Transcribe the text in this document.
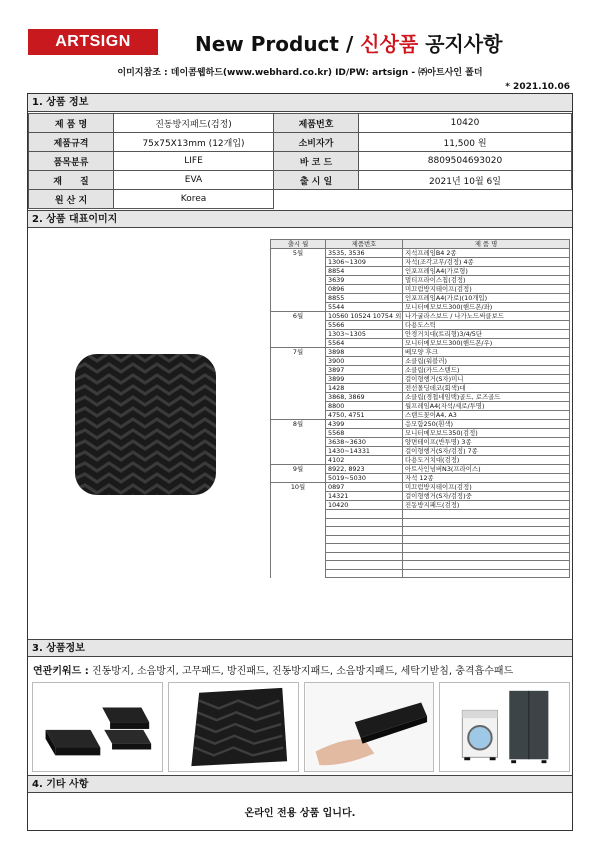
ARTSIGN	New Product / 신상품 공지사항
이미지참조 : 데이콤웹하드(www.webhard.co.kr) ID/PW: artsign - ㈜아트사인 폴더
* 2021.10.06
1. 상품 정보
제 품 명	진동방지패드(검정)	제품번호	10420
제품규격	75x75X13mm (12개입)	소비자가	11,500 원
품목분류	LIFE	바 코 드	8809504693020
재　　질	EVA	출 시 일	2021년 10월 6일
원 산 지	Korea		
2. 상품 대표이미지
출시 월	제품번호	제 품 명
5월	3535, 3536	지석프레임B4 2종
	1306~1309	자석(조각고무/검정) 4종
	8854	인포프레임A4(가로형)
	3639	멀티프라이스칩(검정)
	0896	미끄럼방지테이프(검정)
	8855	인포프레임A4(가로)(10개입)
	5544	모니터메모보드300(핸드폰/좌)
6월	10560 10524 10754 외	나가굴라스보드 / 나가노드써클보드
	5566	다용도스틱
	1303~1305	안경거치대(트리형)3/4/5단
	5564	모니터메모보드300(핸드폰/우)
7월	3898	베모양 후크
	3900	소클립(워블러)
	3897	소클립(카드스탠드)
	3899	걸이형행거(S자)미니
	1428	전선몰딩데코(회색)대
	3868, 3869	소클립(경첩네임택)골드, 로즈골드
	8800	월프레임A4(자석/세로/투명)
	4750, 4751	스탠드꽂이A4, A3
8월	4399	응모함250(흰색)
	5568	모니터메모보드350(검정)
	3638~3630	양면테이프(반투명) 3종
	1430~14331	걸이형행거(S자/검정) 7종
	4102	다용도거치대(검정)
9월	8922, 8923	아트사인넘버N3(프라이스)
	5019~5030	자석 12종
10월	0897	미끄럼방지테이프(검정)
	14321	걸이형행거(S자/검정)중
	10420	진동방지패드(검정)

3. 상품정보
연관키워드 : 진동방지, 소음방지, 고무패드, 방진패드, 진동방지패드, 소음방지패드, 세탁기받침, 충격흡수패드
4. 기타 사항
온라인 전용 상품 입니다.
